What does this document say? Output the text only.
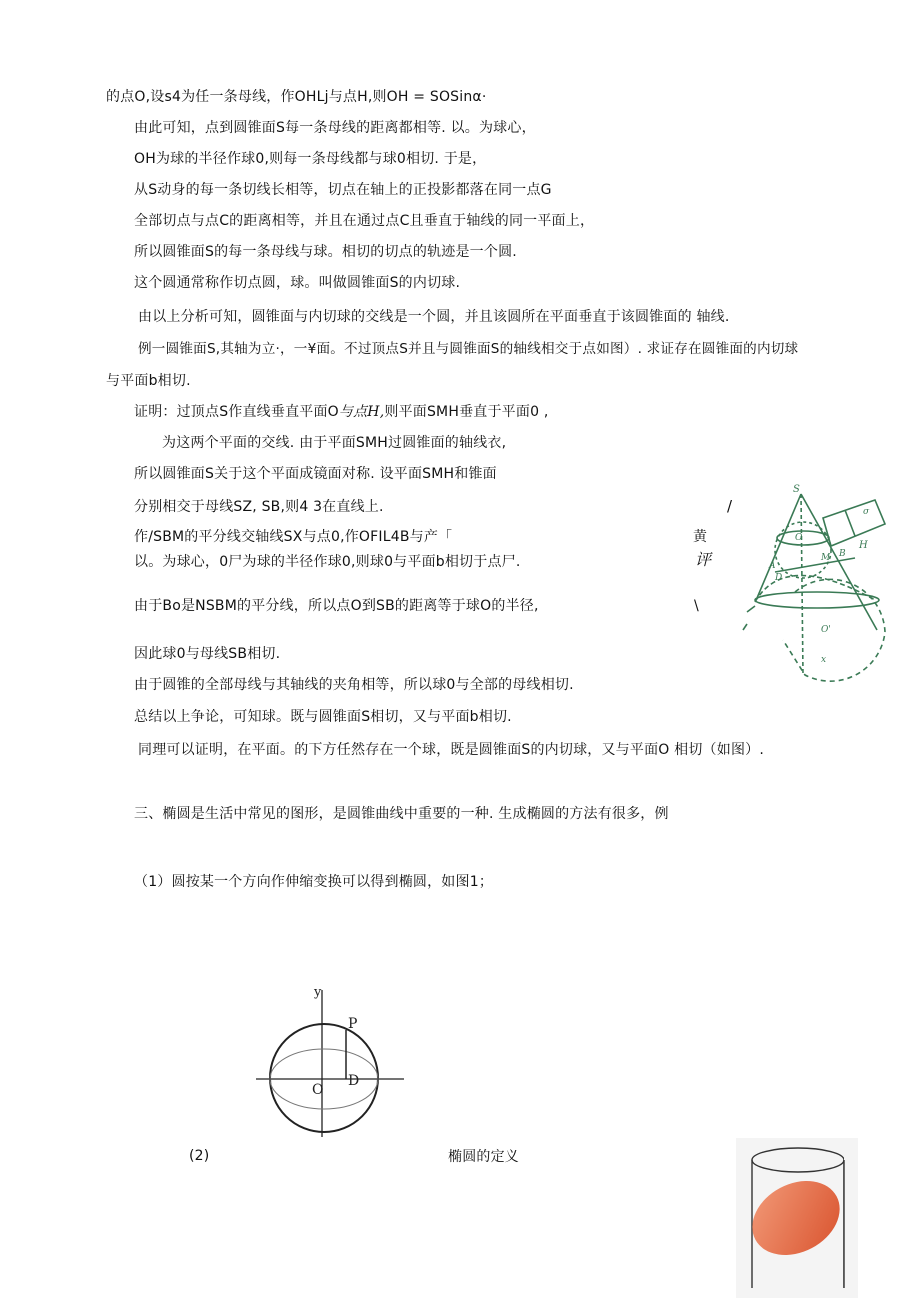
的点O,设s4为任一条母线，作OHLj与点H,则OH = SOSinα·
由此可知，点到圆锥面S每一条母线的距离都相等. 以。为球心，
OH为球的半径作球0,则每一条母线都与球0相切. 于是，
从S动身的每一条切线长相等，切点在轴上的正投影都落在同一点G
全部切点与点C的距离相等，并且在通过点C且垂直于轴线的同一平面上，
所以圆锥面S的每一条母线与球。相切的切点的轨迹是一个圆.
这个圆通常称作切点圆，球。叫做圆锥面S的内切球.
由以上分析可知，圆锥面与内切球的交线是一个圆，并且该圆所在平面垂直于该圆锥面的 轴线.
例一圆锥面S,其轴为立·，一¥面。不过顶点S并且与圆锥面S的轴线相交于点如图）. 求证存在圆锥面的内切球
与平面b相切.
证明：过顶点S作直线垂直平面O与点H,则平面SMH垂直于平面0 ,
为这两个平面的交线. 由于平面SMH过圆锥面的轴线衣,
所以圆锥面S关于这个平面成镜面对称. 设平面SMH和锥面
分别相交于母线SZ, SB,则4 3在直线上.
作/SBM的平分线交轴线SX与点0,作OFIL4B与产「
以。为球心，0尸为球的半径作球0,则球0与平面b相切于点尸.
由于Bo是NSBM的平分线，所以点O到SB的距离等于球O的半径,
因此球0与母线SB相切.
由于圆锥的全部母线与其轴线的夹角相等，所以球0与全部的母线相切.
总结以上争论，可知球。既与圆锥面S相切，又与平面b相切.
同理可以证明，在平面。的下方任然存在一个球，既是圆锥面S的内切球，又与平面O 相切（如图）.
三、椭圆是生活中常见的图形，是圆锥曲线中重要的一种. 生成椭圆的方法有很多，例
（1）圆按某一个方向作伸缩变换可以得到椭圆，如图1；
/
黄
评
\
S
σ
O
M
H
A
D
B
O'
x
y
P
O
D
(2)	椭圆的定义
